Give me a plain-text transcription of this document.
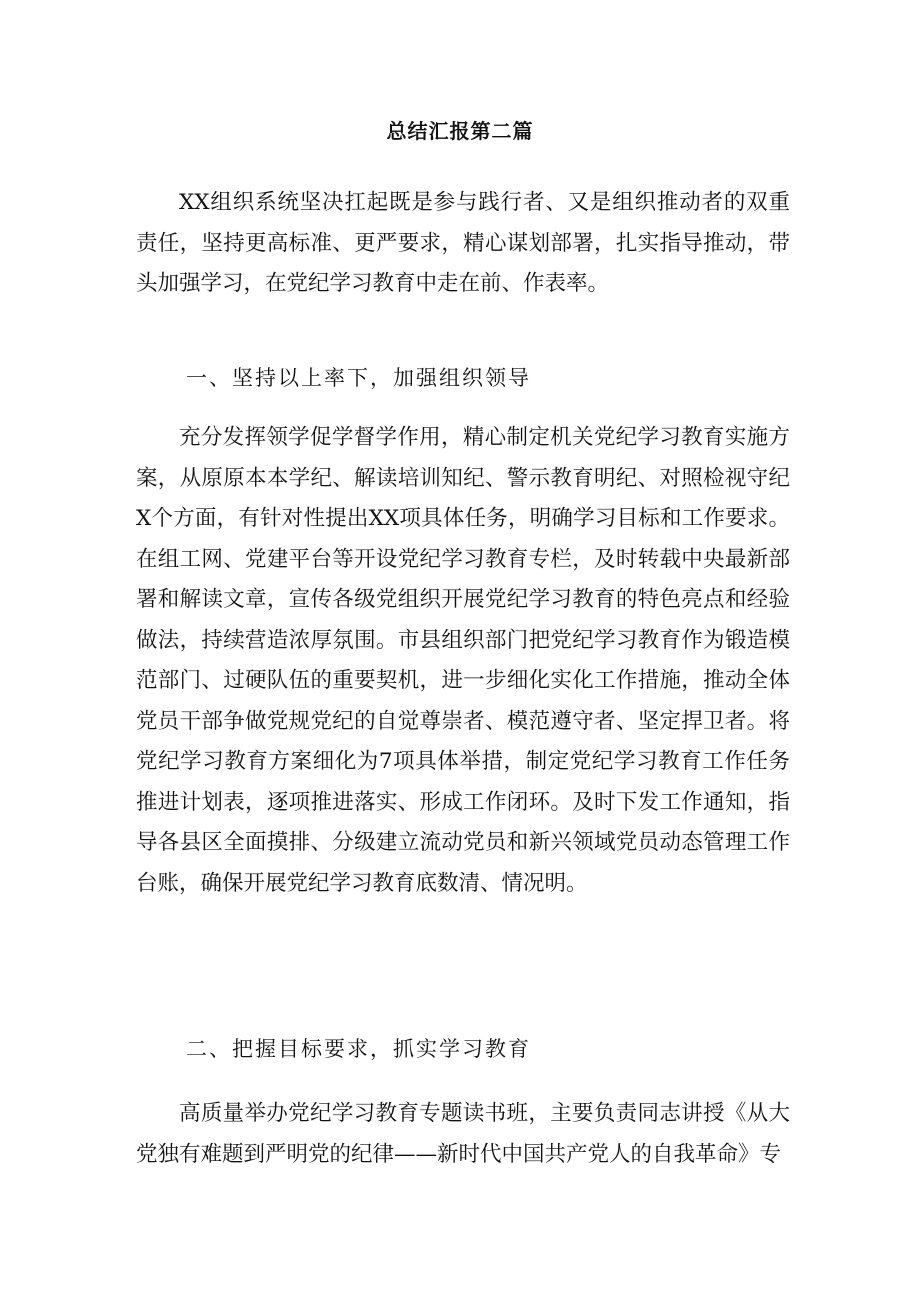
总结汇报第二篇

XX组织系统坚决扛起既是参与践行者、又是组织推动者的双重责任，坚持更高标准、更严要求，精心谋划部署，扎实指导推动，带头加强学习，在党纪学习教育中走在前、作表率。

一、坚持以上率下，加强组织领导

充分发挥领学促学督学作用，精心制定机关党纪学习教育实施方案，从原原本本学纪、解读培训知纪、警示教育明纪、对照检视守纪X个方面，有针对性提出XX项具体任务，明确学习目标和工作要求。在组工网、党建平台等开设党纪学习教育专栏，及时转载中央最新部署和解读文章，宣传各级党组织开展党纪学习教育的特色亮点和经验做法，持续营造浓厚氛围。市县组织部门把党纪学习教育作为锻造模范部门、过硬队伍的重要契机，进一步细化实化工作措施，推动全体党员干部争做党规党纪的自觉尊崇者、模范遵守者、坚定捍卫者。将党纪学习教育方案细化为7项具体举措，制定党纪学习教育工作任务推进计划表，逐项推进落实、形成工作闭环。及时下发工作通知，指导各县区全面摸排、分级建立流动党员和新兴领域党员动态管理工作台账，确保开展党纪学习教育底数清、情况明。

二、把握目标要求，抓实学习教育

高质量举办党纪学习教育专题读书班，主要负责同志讲授《从大党独有难题到严明党的纪律——新时代中国共产党人的自我革命》专
